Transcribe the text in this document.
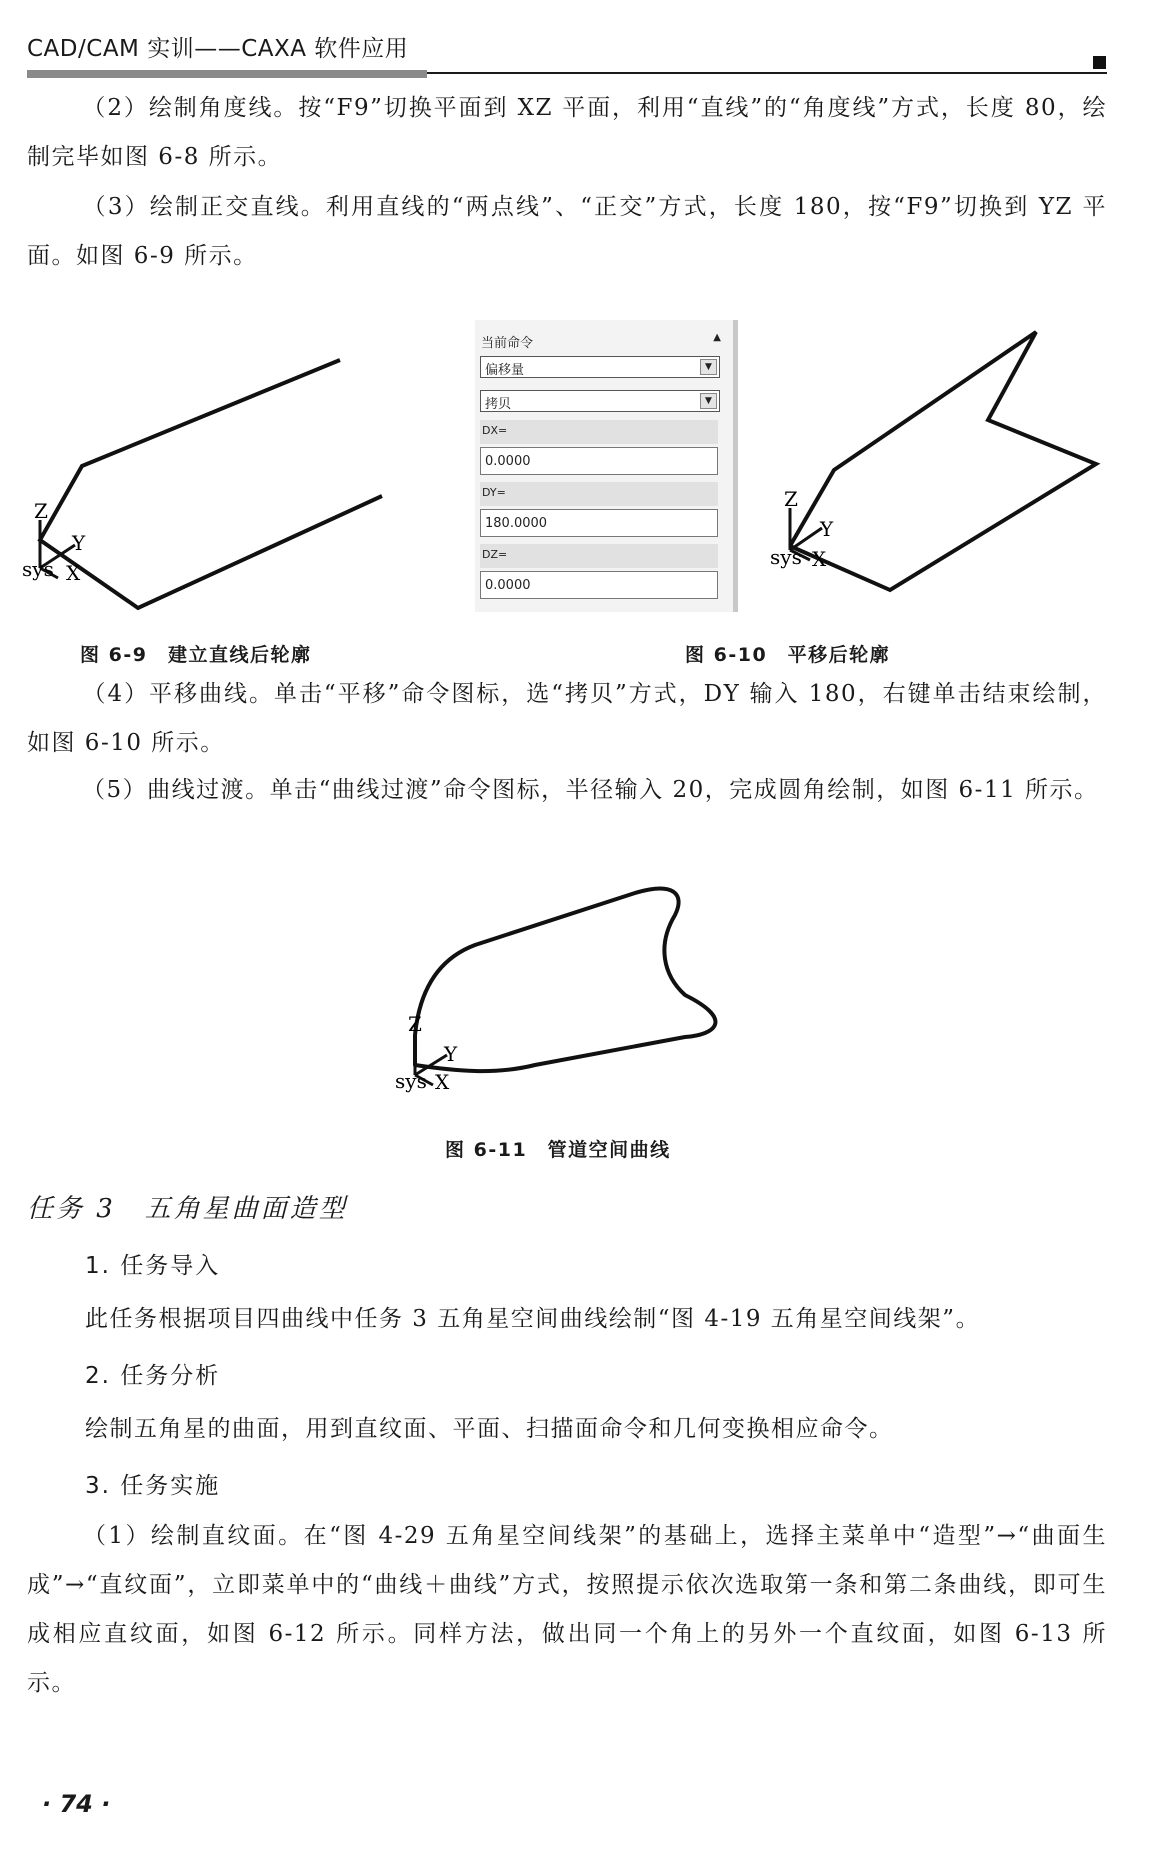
CAD/CAM 实训——CAXA 软件应用
（2）绘制角度线。按“F9”切换平面到 XZ 平面，利用“直线”的“角度线”方式，长度 80，绘制完毕如图 6-8 所示。
（3）绘制正交直线。利用直线的“两点线”、“正交”方式，长度 180，按“F9”切换到 YZ 平面。如图 6-9 所示。
Z
Y
sys X
当前命令	▲
偏移量	▼
拷贝	▼
DX=
0.0000
DY=
180.0000
DZ=
0.0000
Z
Y
sys X
图 6-9　建立直线后轮廓	图 6-10　平移后轮廓
（4）平移曲线。单击“平移”命令图标，选“拷贝”方式，DY 输入 180，右键单击结束绘制，如图 6-10 所示。
（5）曲线过渡。单击“曲线过渡”命令图标，半径输入 20，完成圆角绘制，如图 6-11 所示。
Z
Y
sys X
图 6-11　管道空间曲线
任务 3　五角星曲面造型
1. 任务导入
此任务根据项目四曲线中任务 3 五角星空间曲线绘制“图 4-19 五角星空间线架”。
2. 任务分析
绘制五角星的曲面，用到直纹面、平面、扫描面命令和几何变换相应命令。
3. 任务实施
（1）绘制直纹面。在“图 4-29 五角星空间线架”的基础上，选择主菜单中“造型”→“曲面生成”→“直纹面”，立即菜单中的“曲线＋曲线”方式，按照提示依次选取第一条和第二条曲线，即可生成相应直纹面，如图 6-12 所示。同样方法，做出同一个角上的另外一个直纹面，如图 6-13 所示。
· 74 ·
